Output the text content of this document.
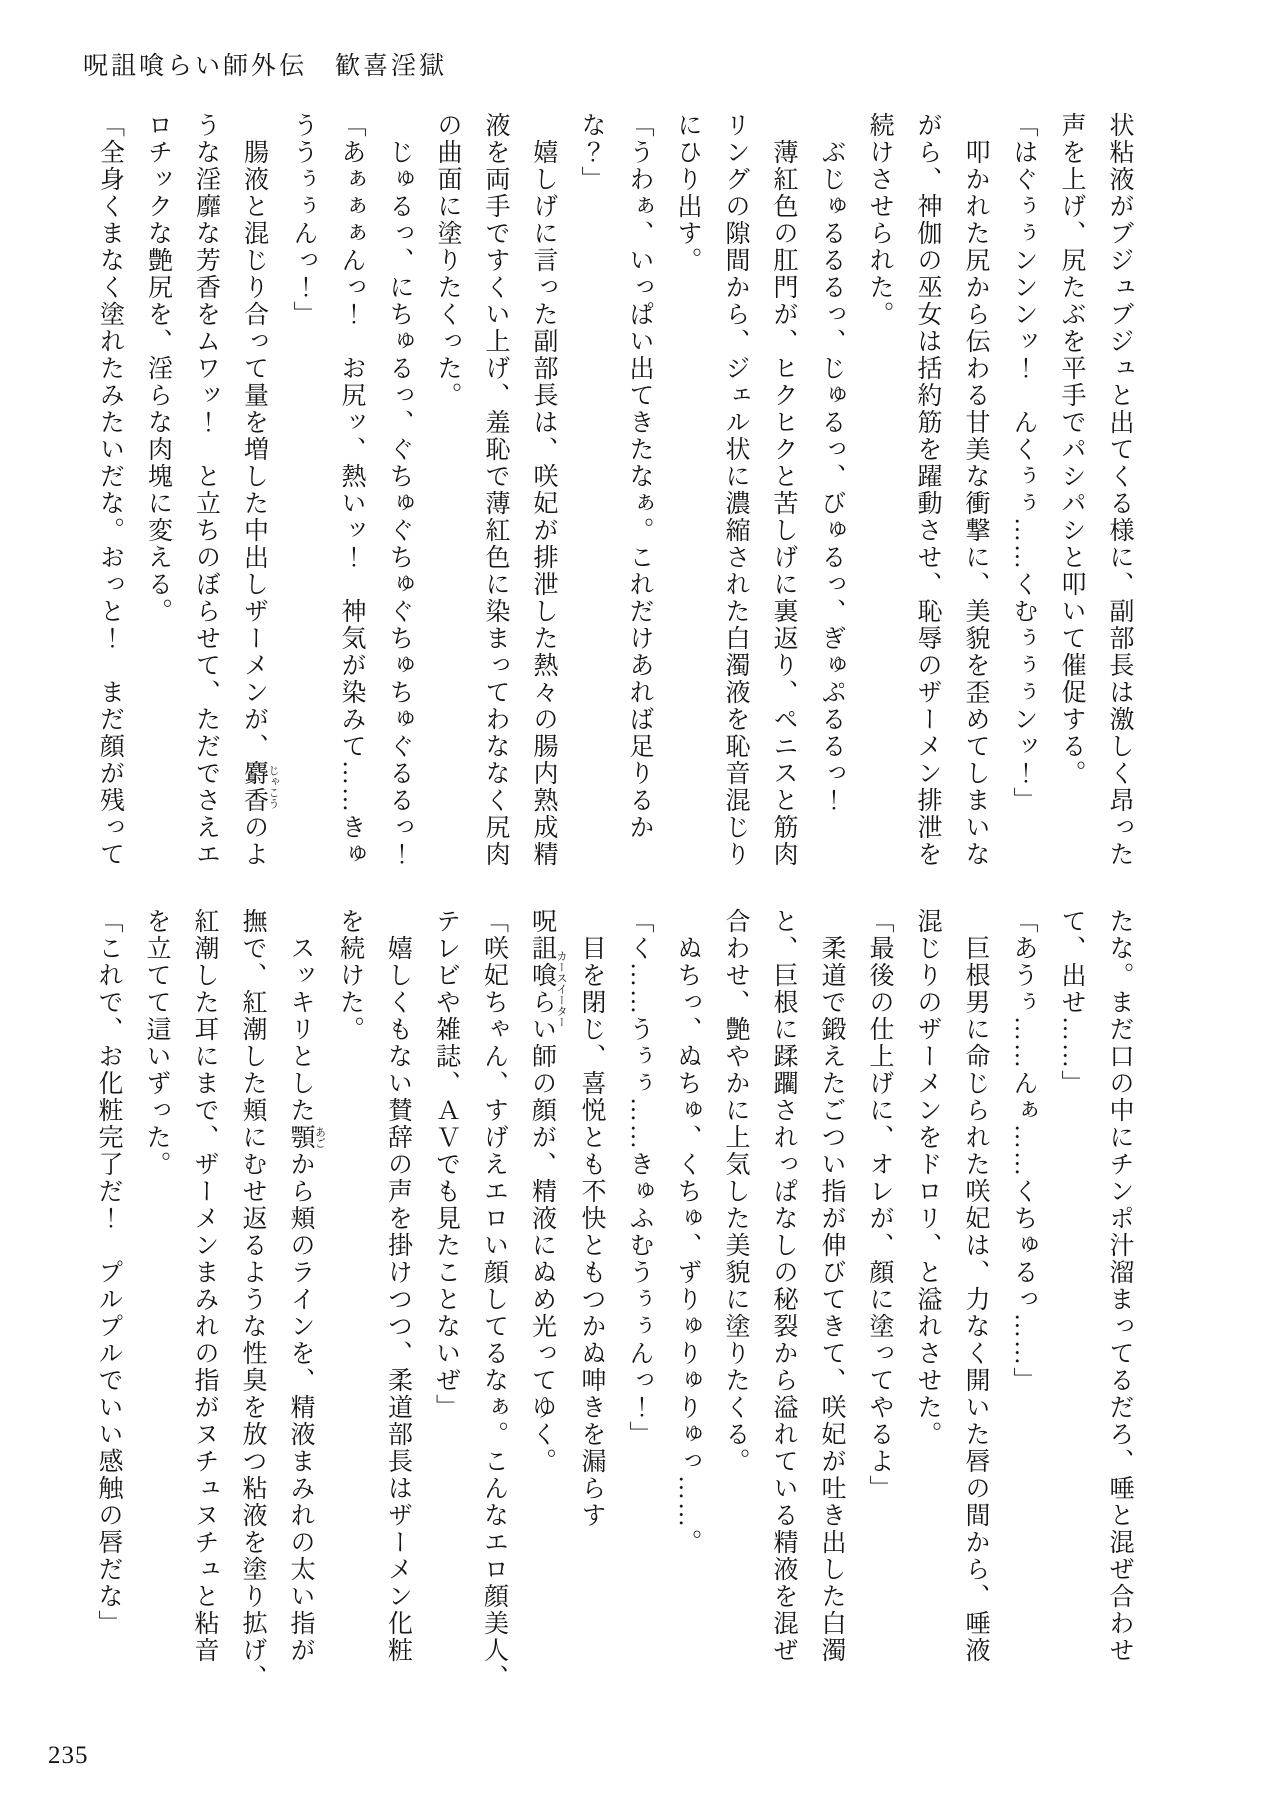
呪詛喰らい師外伝　歓喜淫獄
状粘液がブジュブジュと出てくる様に、副部長は激しく昂った
声を上げ、尻たぶを平手でパシパシと叩いて催促する。
「はぐぅぅンンンッ！　んくぅぅ……くむぅぅぅンッ！」
　叩かれた尻から伝わる甘美な衝撃に、美貌を歪めてしまいな
がら、神伽の巫女は括約筋を躍動させ、恥辱のザーメン排泄を
続けさせられた。
　ぶじゅるるるっ、じゅるっ、びゅるっ、ぎゅぷるるっ！
　薄紅色の肛門が、ヒクヒクと苦しげに裏返り、ペニスと筋肉
リングの隙間から、ジェル状に濃縮された白濁液を恥音混じり
にひり出す。
「うわぁ、いっぱい出てきたなぁ。これだけあれば足りるか
な？」
　嬉しげに言った副部長は、咲妃が排泄した熱々の腸内熟成精
液を両手ですくい上げ、羞恥で薄紅色に染まってわななく尻肉
の曲面に塗りたくった。
　じゅるっ、にちゅるっ、ぐちゅぐちゅぐちゅちゅぐるるっ！
「あぁぁぁんっ！　お尻ッ、熱いッ！　神気が染みて……きゅ
ううぅぅんっ！」
　腸液と混じり合って量を増した中出しザーメンが、麝香 じゃこうのよ
うな淫靡な芳香をムワッ！　と立ちのぼらせて、ただでさえエ
ロチックな艶尻を、淫らな肉塊に変える。
「全身くまなく塗れたみたいだな。おっと！　まだ顔が残って
たな。まだ口の中にチンポ汁溜まってるだろ、唾と混ぜ合わせ
て、出せ……」
「あうぅ……んぁ……くちゅるっ……」
　巨根男に命じられた咲妃は、力なく開いた唇の間から、唾液
混じりのザーメンをドロリ、と溢れさせた。
「最後の仕上げに、オレが、顔に塗ってやるよ」
　柔道で鍛えたごつい指が伸びてきて、咲妃が吐き出した白濁
と、巨根に蹂躙されっぱなしの秘裂から溢れている精液を混ぜ
合わせ、艶やかに上気した美貌に塗りたくる。
　ぬちっ、ぬちゅ、くちゅ、ずりゅりゅりゅっ……。
「く……うぅぅ……きゅふむうぅぅんっ！」
　目を閉じ、喜悦とも不快ともつかぬ呻きを漏らす
呪詛喰らい師 カースイーターの顔が、精液にぬめ光ってゆく。
「咲妃ちゃん、すげえエロい顔してるなぁ。こんなエロ顔美人、
テレビや雑誌、ＡＶでも見たことないぜ」
　嬉しくもない賛辞の声を掛けつつ、柔道部長はザーメン化粧
を続けた。
　スッキリとした顎 あごから頬のラインを、精液まみれの太い指が
撫で、紅潮した頬にむせ返るような性臭を放つ粘液を塗り拡げ、
紅潮した耳にまで、ザーメンまみれの指がヌチュヌチュと粘音
を立てて這いずった。
「これで、お化粧完了だ！　プルプルでいい感触の唇だな」
235
